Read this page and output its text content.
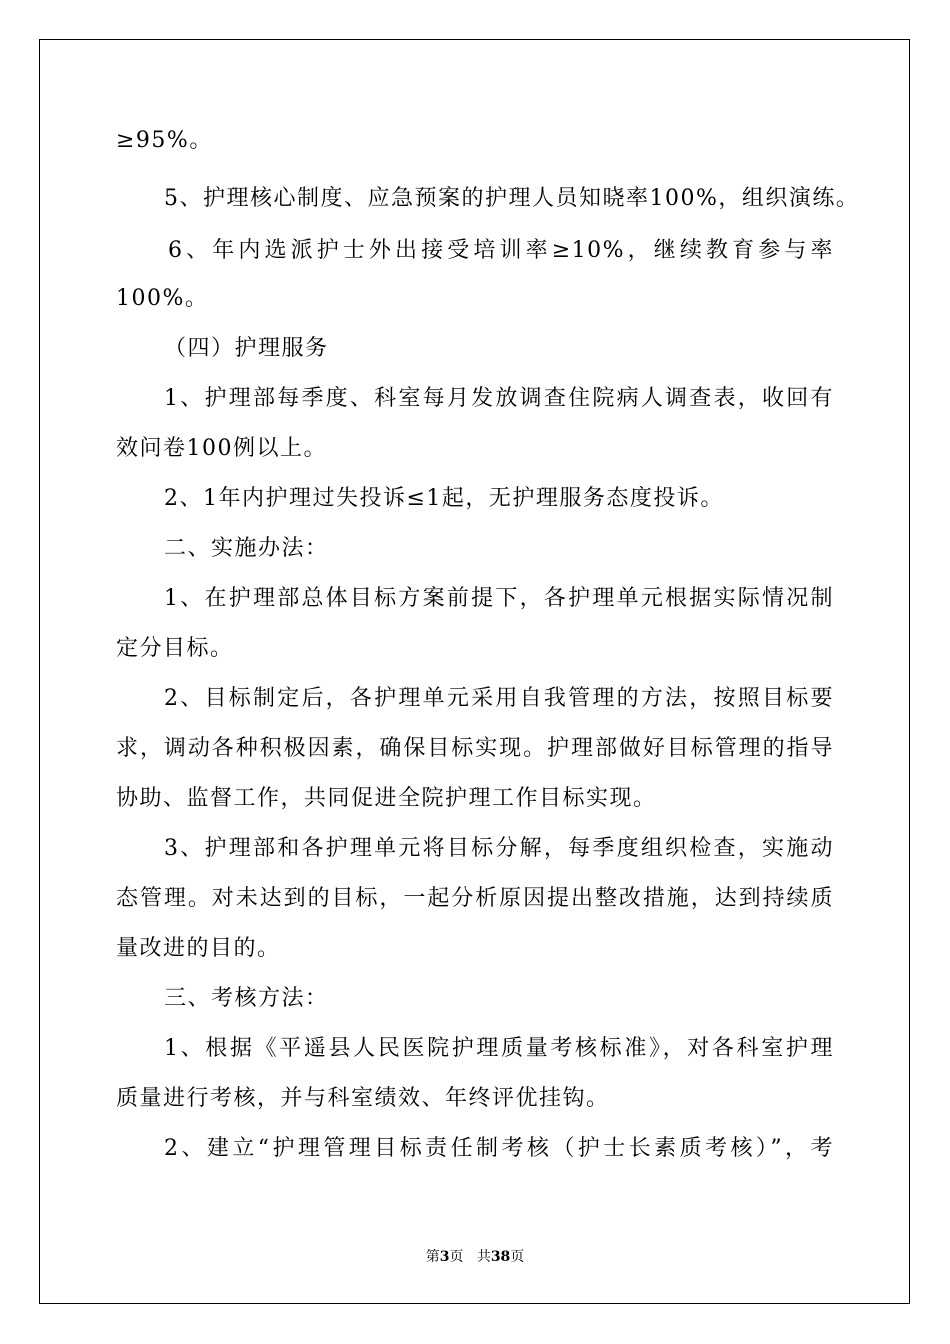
≥95%。
5、护理核心制度、应急预案的护理人员知晓率100%，组织演练。
6、年内选派护士外出接受培训率≥10%，继续教育参与率
100%。
（四）护理服务
1、护理部每季度、科室每月发放调查住院病人调查表，收回有
效问卷100例以上。
2、1年内护理过失投诉≤1起，无护理服务态度投诉。
二、实施办法：
1、在护理部总体目标方案前提下，各护理单元根据实际情况制
定分目标。
2、目标制定后，各护理单元采用自我管理的方法，按照目标要
求，调动各种积极因素，确保目标实现。护理部做好目标管理的指导
协助、监督工作，共同促进全院护理工作目标实现。
3、护理部和各护理单元将目标分解，每季度组织检查，实施动
态管理。对未达到的目标，一起分析原因提出整改措施，达到持续质
量改进的目的。
三、考核方法：
1、根据《平遥县人民医院护理质量考核标准》，对各科室护理
质量进行考核，并与科室绩效、年终评优挂钩。
2、建立“护理管理目标责任制考核（护士长素质考核）”，考
第3页 共38页
